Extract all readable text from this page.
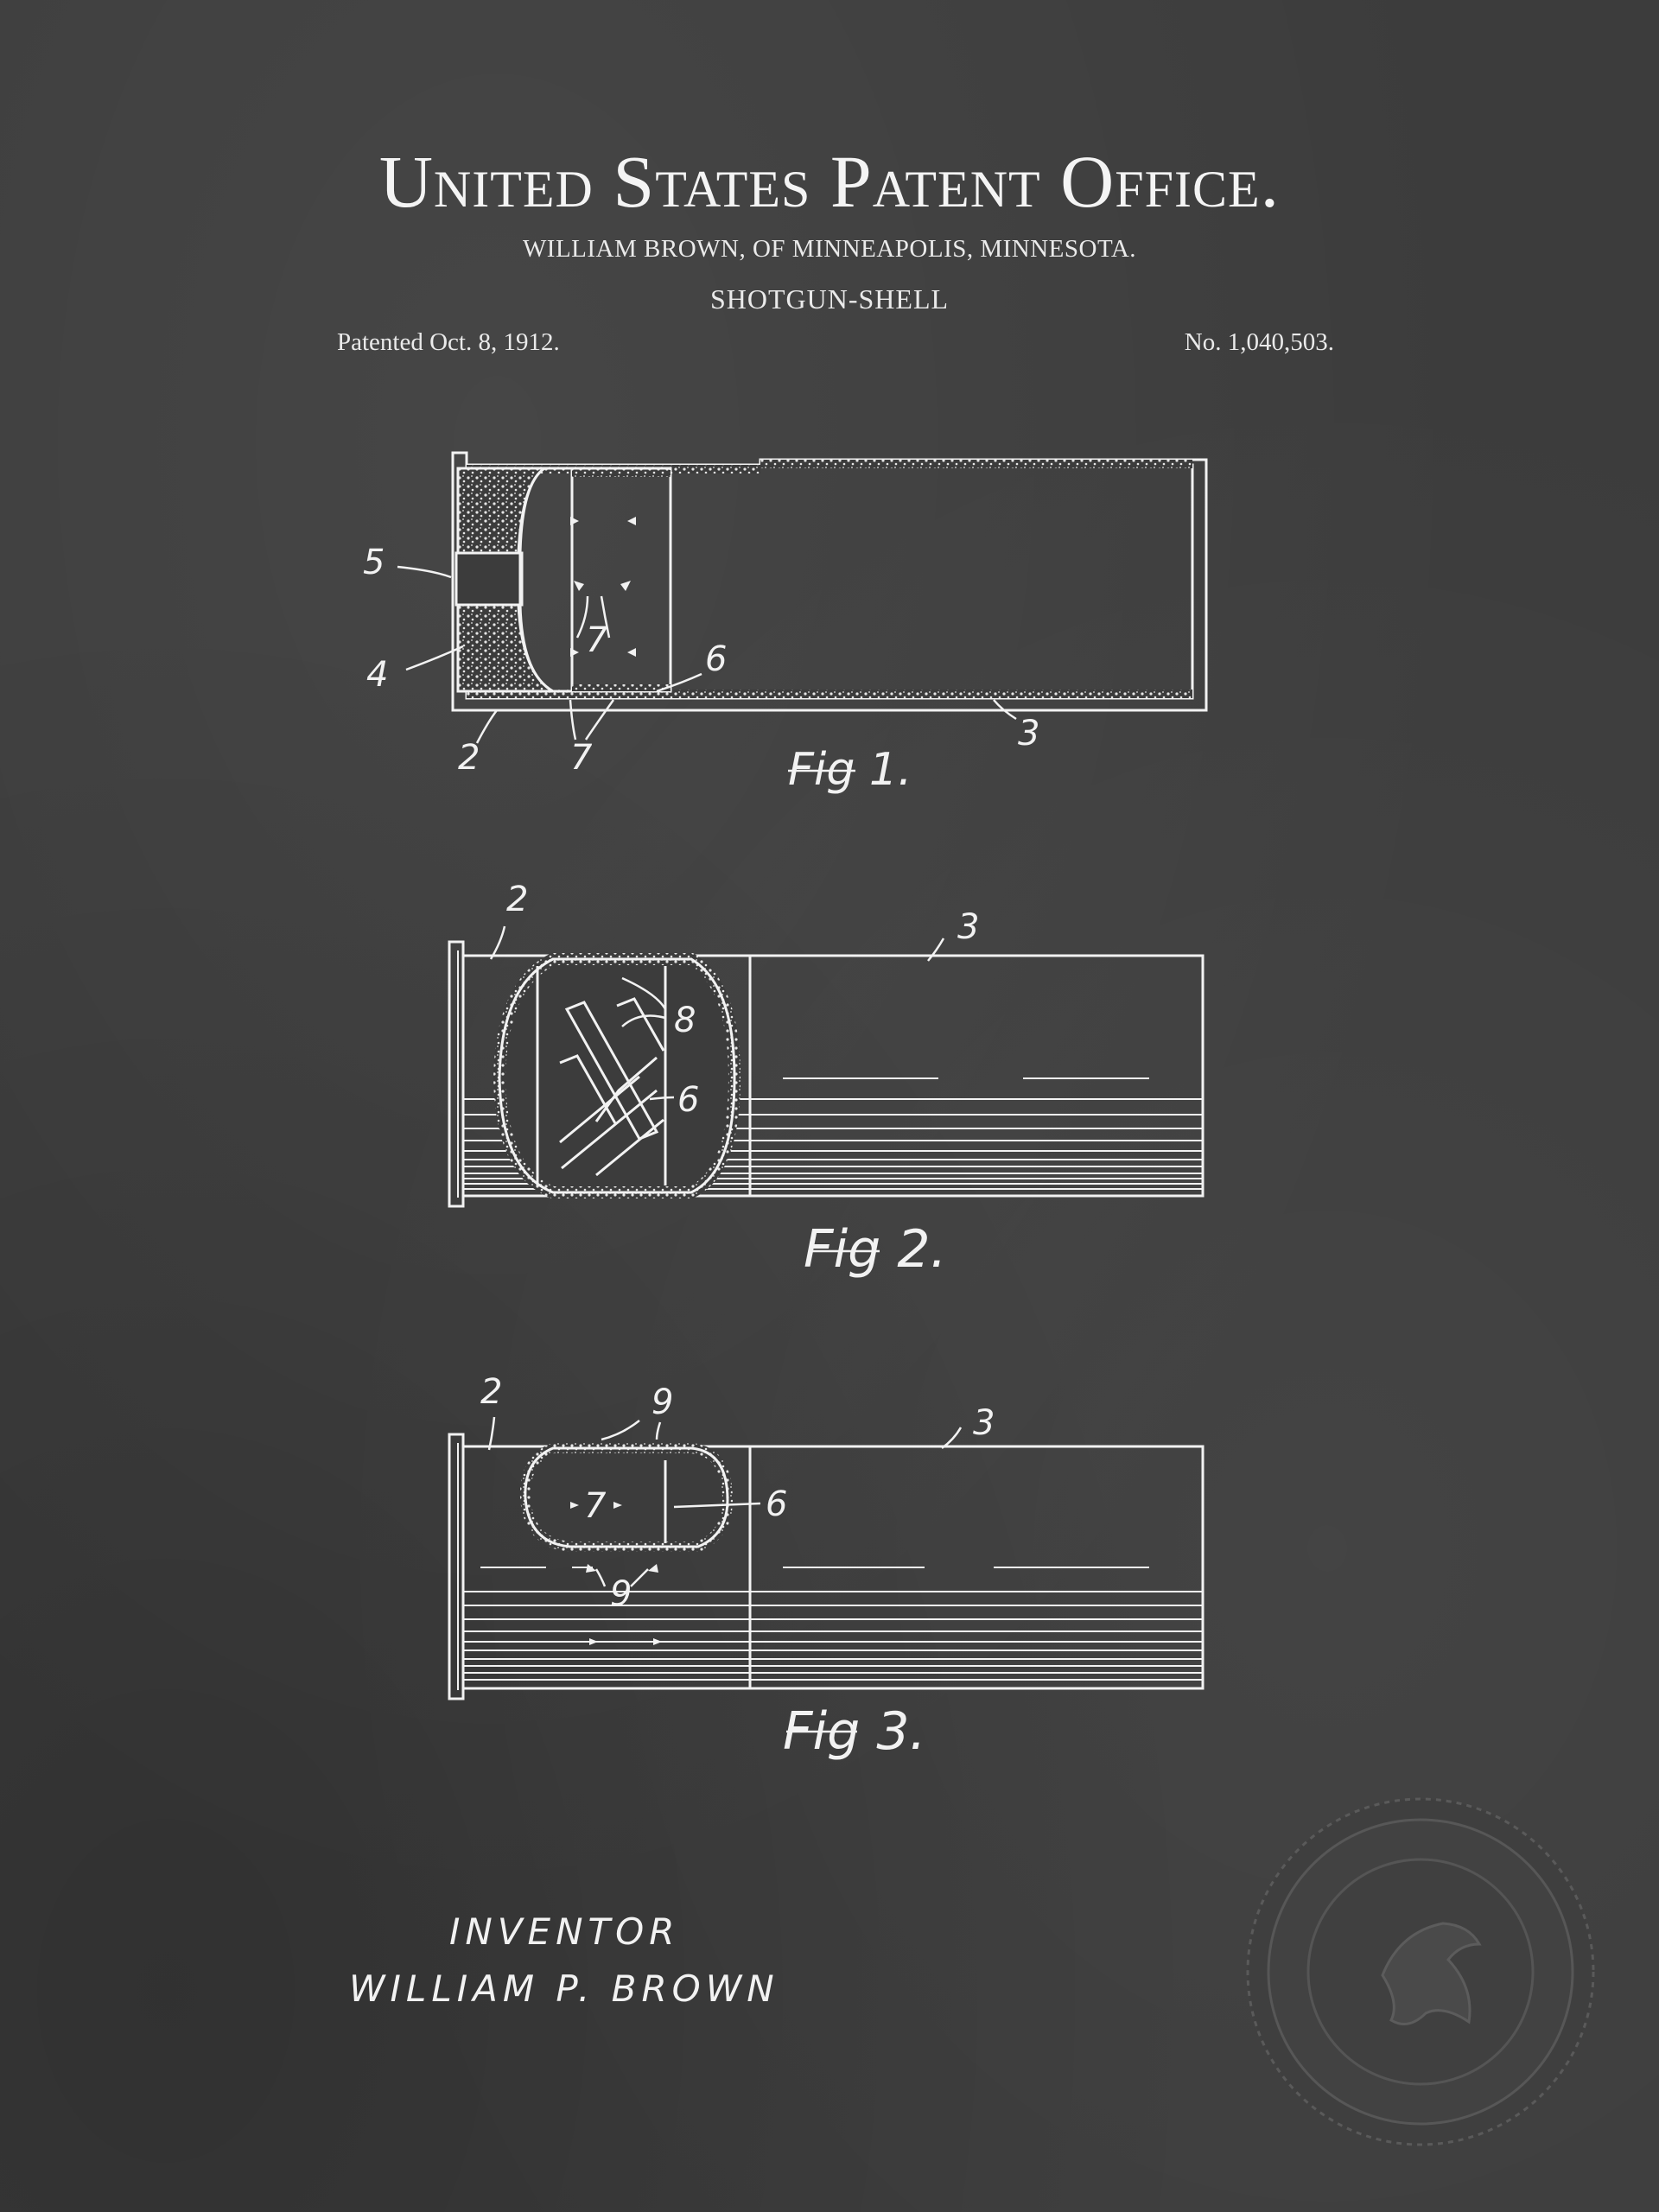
United States Patent Office.
WILLIAM BROWN, OF MINNEAPOLIS, MINNESOTA.
SHOTGUN-SHELL
Patented Oct. 8, 1912.	No. 1,040,503.
5
4
2
7
7
6
3
Fig 1.
2
3
8
6
Fig 2.
2	9
3
7	6
9
Fig 3.
INVENTOR
WILLIAM P. BROWN
